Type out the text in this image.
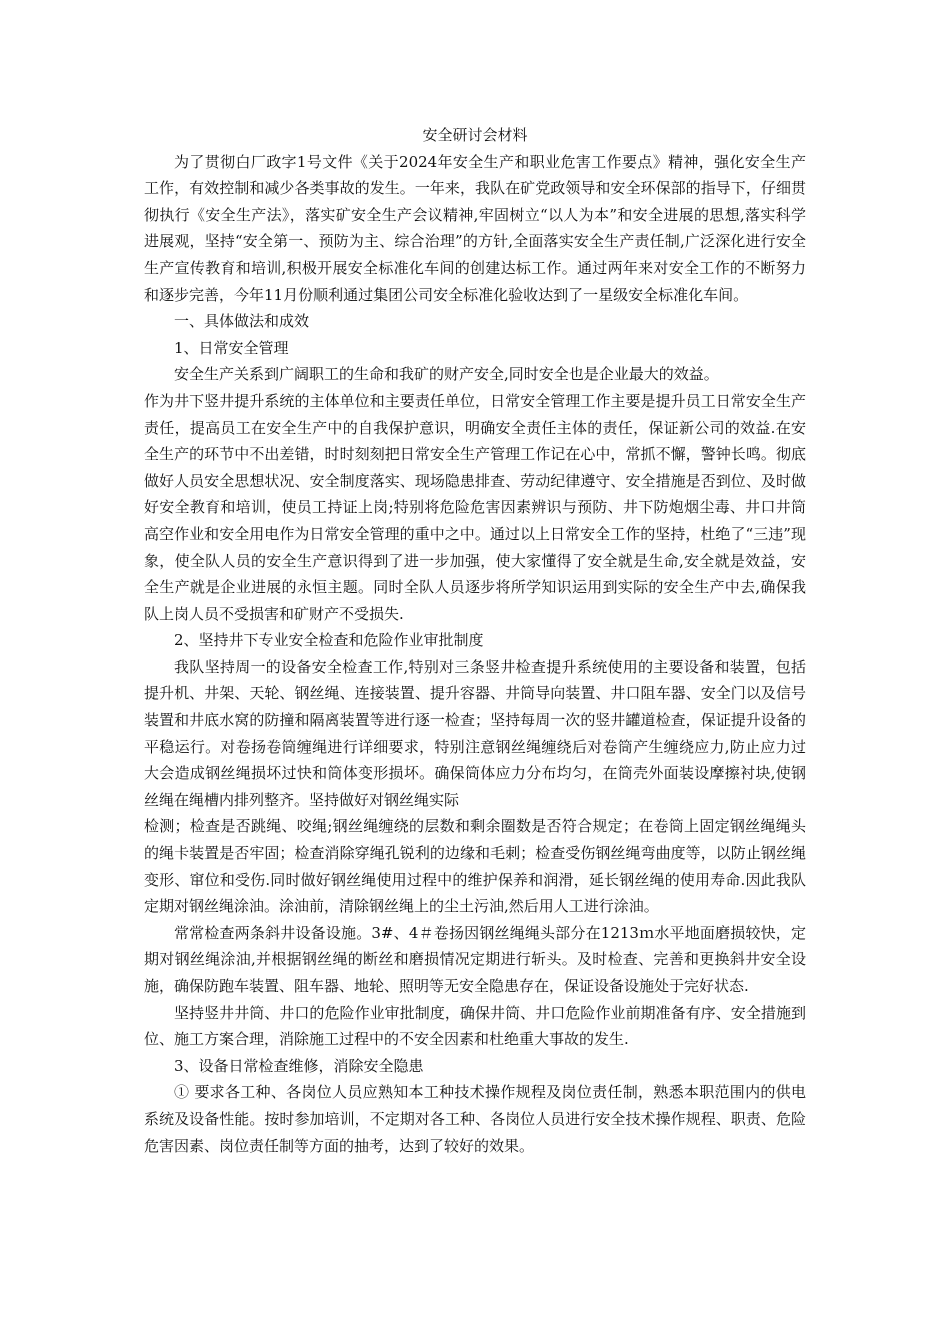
安全研讨会材料

为了贯彻白厂政字1号文件《关于2024年安全生产和职业危害工作要点》精神，强化安全生产工作，有效控制和减少各类事故的发生。一年来，我队在矿党政领导和安全环保部的指导下，仔细贯彻执行《安全生产法》，落实矿安全生产会议精神,牢固树立“以人为本”和安全进展的思想,落实科学进展观，坚持“安全第一、预防为主、综合治理”的方针,全面落实安全生产责任制,广泛深化进行安全生产宣传教育和培训,积极开展安全标准化车间的创建达标工作。通过两年来对安全工作的不断努力和逐步完善，今年11月份顺利通过集团公司安全标准化验收达到了一星级安全标准化车间。

一、具体做法和成效

1、日常安全管理

安全生产关系到广阔职工的生命和我矿的财产安全,同时安全也是企业最大的效益。

作为井下竖井提升系统的主体单位和主要责任单位，日常安全管理工作主要是提升员工日常安全生产责任，提高员工在安全生产中的自我保护意识，明确安全责任主体的责任，保证新公司的效益.在安全生产的环节中不出差错，时时刻刻把日常安全生产管理工作记在心中，常抓不懈，警钟长鸣。彻底做好人员安全思想状况、安全制度落实、现场隐患排查、劳动纪律遵守、安全措施是否到位、及时做好安全教育和培训，使员工持证上岗;特别将危险危害因素辨识与预防、井下防炮烟尘毒、井口井筒高空作业和安全用电作为日常安全管理的重中之中。通过以上日常安全工作的坚持，杜绝了“三违”现象，使全队人员的安全生产意识得到了进一步加强，使大家懂得了安全就是生命,安全就是效益，安全生产就是企业进展的永恒主题。同时全队人员逐步将所学知识运用到实际的安全生产中去,确保我队上岗人员不受损害和矿财产不受损失.

2、坚持井下专业安全检查和危险作业审批制度

我队坚持周一的设备安全检查工作,特别对三条竖井检查提升系统使用的主要设备和装置，包括提升机、井架、天轮、钢丝绳、连接装置、提升容器、井筒导向装置、井口阻车器、安全门以及信号装置和井底水窝的防撞和隔离装置等进行逐一检查；坚持每周一次的竖井罐道检查，保证提升设备的平稳运行。对卷扬卷筒缠绳进行详细要求，特别注意钢丝绳缠绕后对卷筒产生缠绕应力,防止应力过大会造成钢丝绳损坏过快和筒体变形损坏。确保筒体应力分布均匀，在筒壳外面装设摩擦衬块,使钢丝绳在绳槽内排列整齐。坚持做好对钢丝绳实际

检测；检查是否跳绳、咬绳;钢丝绳缠绕的层数和剩余圈数是否符合规定；在卷筒上固定钢丝绳绳头的绳卡装置是否牢固；检查消除穿绳孔锐利的边缘和毛刺；检查受伤钢丝绳弯曲度等，以防止钢丝绳变形、窜位和受伤.同时做好钢丝绳使用过程中的维护保养和润滑，延长钢丝绳的使用寿命.因此我队定期对钢丝绳涂油。涂油前，清除钢丝绳上的尘土污油,然后用人工进行涂油。

常常检查两条斜井设备设施。3#、4＃卷扬因钢丝绳绳头部分在1213ｍ水平地面磨损较快，定期对钢丝绳涂油,并根据钢丝绳的断丝和磨损情况定期进行斩头。及时检查、完善和更换斜井安全设施，确保防跑车装置、阻车器、地轮、照明等无安全隐患存在，保证设备设施处于完好状态.

坚持竖井井筒、井口的危险作业审批制度，确保井筒、井口危险作业前期准备有序、安全措施到位、施工方案合理，消除施工过程中的不安全因素和杜绝重大事故的发生.

3、设备日常检查维修，消除安全隐患

① 要求各工种、各岗位人员应熟知本工种技术操作规程及岗位责任制，熟悉本职范围内的供电系统及设备性能。按时参加培训，不定期对各工种、各岗位人员进行安全技术操作规程、职责、危险危害因素、岗位责任制等方面的抽考，达到了较好的效果。
